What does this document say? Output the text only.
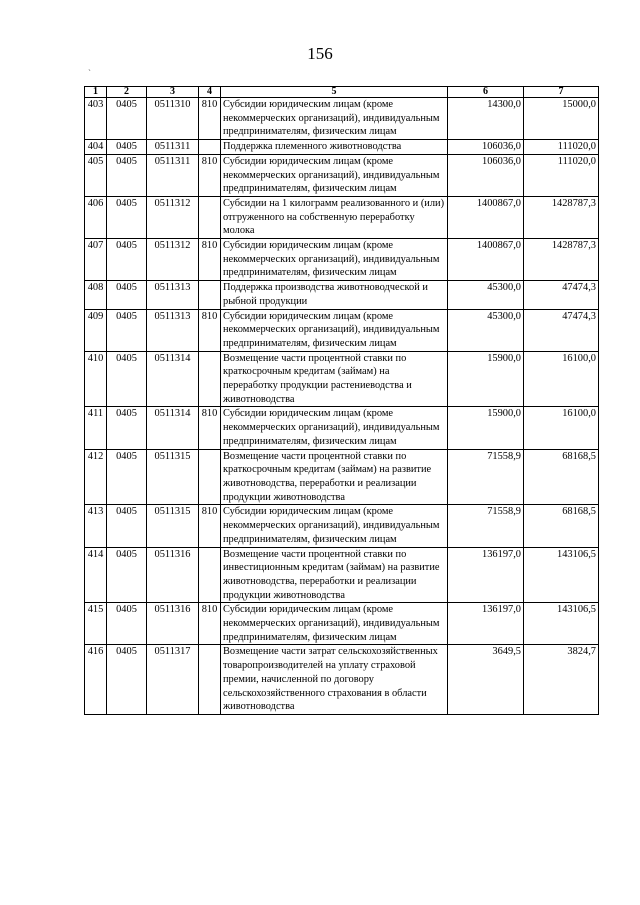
156
`
1	2	3	4	5	6	7
403	0405	0511310	810	Субсидии юридическим лицам (кроме некоммерческих организаций), индивидуальным предпринимателям, физическим лицам	14300,0	15000,0
404	0405	0511311		Поддержка племенного животноводства	106036,0	111020,0
405	0405	0511311	810	Субсидии юридическим лицам (кроме некоммерческих организаций), индивидуальным предпринимателям, физическим лицам	106036,0	111020,0
406	0405	0511312		Субсидии на 1 килограмм реализованного и (или) отгруженного на собственную переработку молока	1400867,0	1428787,3
407	0405	0511312	810	Субсидии юридическим лицам (кроме некоммерческих организаций), индивидуальным предпринимателям, физическим лицам	1400867,0	1428787,3
408	0405	0511313		Поддержка производства животноводческой и рыбной продукции	45300,0	47474,3
409	0405	0511313	810	Субсидии юридическим лицам (кроме некоммерческих организаций), индивидуальным предпринимателям, физическим лицам	45300,0	47474,3
410	0405	0511314		Возмещение части процентной ставки по краткосрочным кредитам (займам) на переработку продукции растениеводства и животноводства	15900,0	16100,0
411	0405	0511314	810	Субсидии юридическим лицам (кроме некоммерческих организаций), индивидуальным предпринимателям, физическим лицам	15900,0	16100,0
412	0405	0511315		Возмещение части процентной ставки по краткосрочным кредитам (займам) на развитие животноводства, переработки и реализации продукции животноводства	71558,9	68168,5
413	0405	0511315	810	Субсидии юридическим лицам (кроме некоммерческих организаций), индивидуальным предпринимателям, физическим лицам	71558,9	68168,5
414	0405	0511316		Возмещение части процентной ставки по инвестиционным кредитам (займам) на развитие животноводства, переработки и реализации продукции животноводства	136197,0	143106,5
415	0405	0511316	810	Субсидии юридическим лицам (кроме некоммерческих организаций), индивидуальным предпринимателям, физическим лицам	136197,0	143106,5
416	0405	0511317		Возмещение части затрат сельскохозяйственных товаропроизводителей на уплату страховой премии, начисленной по договору сельскохозяйственного страхования в области животноводства	3649,5	3824,7
